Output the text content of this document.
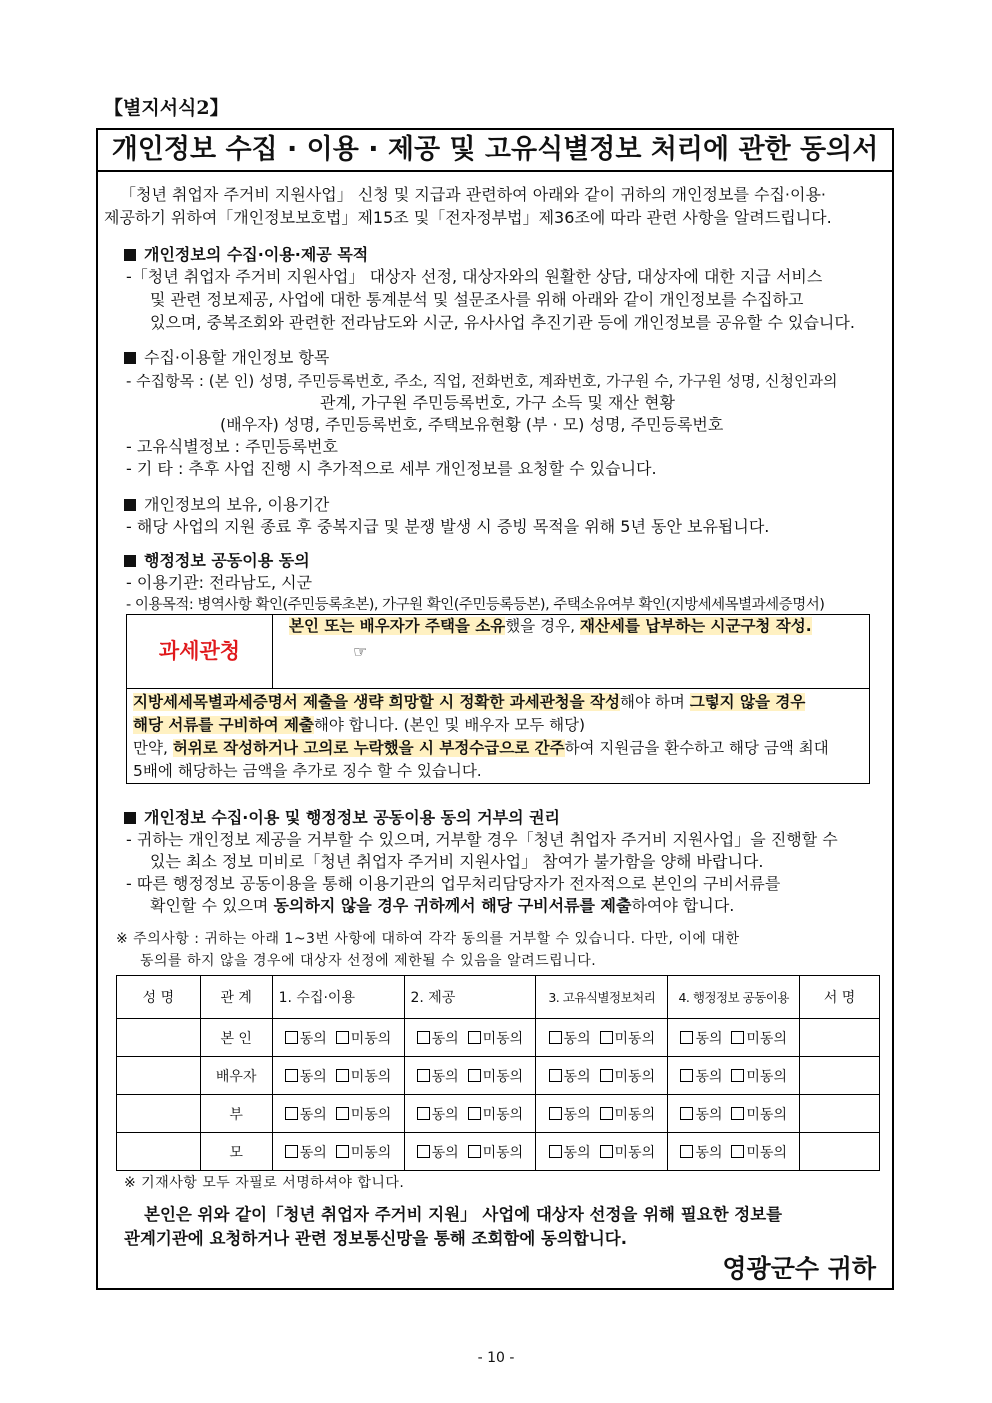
【별지서식2】
개인정보 수집 · 이용 · 제공 및 고유식별정보 처리에 관한 동의서
「청년 취업자 주거비 지원사업」 신청 및 지급과 관련하여 아래와 같이 귀하의 개인정보를 수집·이용·
제공하기 위하여「개인정보보호법」제15조 및「전자정부법」제36조에 따라 관련 사항을 알려드립니다.
개인정보의 수집·이용·제공 목적
-「청년 취업자 주거비 지원사업」 대상자 선정, 대상자와의 원활한 상담, 대상자에 대한 지급 서비스
및 관련 정보제공, 사업에 대한 통계분석 및 설문조사를 위해 아래와 같이 개인정보를 수집하고
있으며, 중복조회와 관련한 전라남도와 시군, 유사사업 추진기관 등에 개인정보를 공유할 수 있습니다.
수집·이용할 개인정보 항목
- 수집항목 : (본 인) 성명, 주민등록번호, 주소, 직업, 전화번호, 계좌번호, 가구원 수, 가구원 성명, 신청인과의
관계, 가구원 주민등록번호, 가구 소득 및 재산 현황
(배우자) 성명, 주민등록번호, 주택보유현황 (부 · 모) 성명, 주민등록번호
- 고유식별정보 : 주민등록번호
- 기 타 : 추후 사업 진행 시 추가적으로 세부 개인정보를 요청할 수 있습니다.
개인정보의 보유, 이용기간
- 해당 사업의 지원 종료 후 중복지급 및 분쟁 발생 시 증빙 목적을 위해 5년 동안 보유됩니다.
행정정보 공동이용 동의
- 이용기관: 전라남도, 시군
- 이용목적: 병역사항 확인(주민등록초본), 가구원 확인(주민등록등본), 주택소유여부 확인(지방세세목별과세증명서)
과세관청
본인 또는 배우자가 주택을 소유했을 경우, 재산세를 납부하는 시군구청 작성.
☞
지방세세목별과세증명서 제출을 생략 희망할 시 정확한 과세관청을 작성해야 하며 그렇지 않을 경우
해당 서류를 구비하여 제출해야 합니다. (본인 및 배우자 모두 해당)
만약, 허위로 작성하거나 고의로 누락했을 시 부정수급으로 간주하여 지원금을 환수하고 해당 금액 최대
5배에 해당하는 금액을 추가로 징수 할 수 있습니다.
개인정보 수집·이용 및 행정정보 공동이용 동의 거부의 권리
- 귀하는 개인정보 제공을 거부할 수 있으며, 거부할 경우「청년 취업자 주거비 지원사업」을 진행할 수
있는 최소 정보 미비로「청년 취업자 주거비 지원사업」 참여가 불가함을 양해 바랍니다.
- 따른 행정정보 공동이용을 통해 이용기관의 업무처리담당자가 전자적으로 본인의 구비서류를
확인할 수 있으며 동의하지 않을 경우 귀하께서 해당 구비서류를 제출하여야 합니다.
※ 주의사항 : 귀하는 아래 1~3번 사항에 대하여 각각 동의를 거부할 수 있습니다. 다만, 이에 대한
동의를 하지 않을 경우에 대상자 선정에 제한될 수 있음을 알려드립니다.
성 명	관 계	1. 수집·이용	2. 제공	3. 고유식별정보처리	4. 행정정보 공동이용	서 명
	본 인	동의 미동의	동의 미동의	동의 미동의	동의 미동의	
	배우자	동의 미동의	동의 미동의	동의 미동의	동의 미동의	
	부	동의 미동의	동의 미동의	동의 미동의	동의 미동의	
	모	동의 미동의	동의 미동의	동의 미동의	동의 미동의	
※ 기재사항 모두 자필로 서명하셔야 합니다.
본인은 위와 같이「청년 취업자 주거비 지원」 사업에 대상자 선정을 위해 필요한 정보를
관계기관에 요청하거나 관련 정보통신망을 통해 조회함에 동의합니다.
영광군수 귀하
- 10 -
